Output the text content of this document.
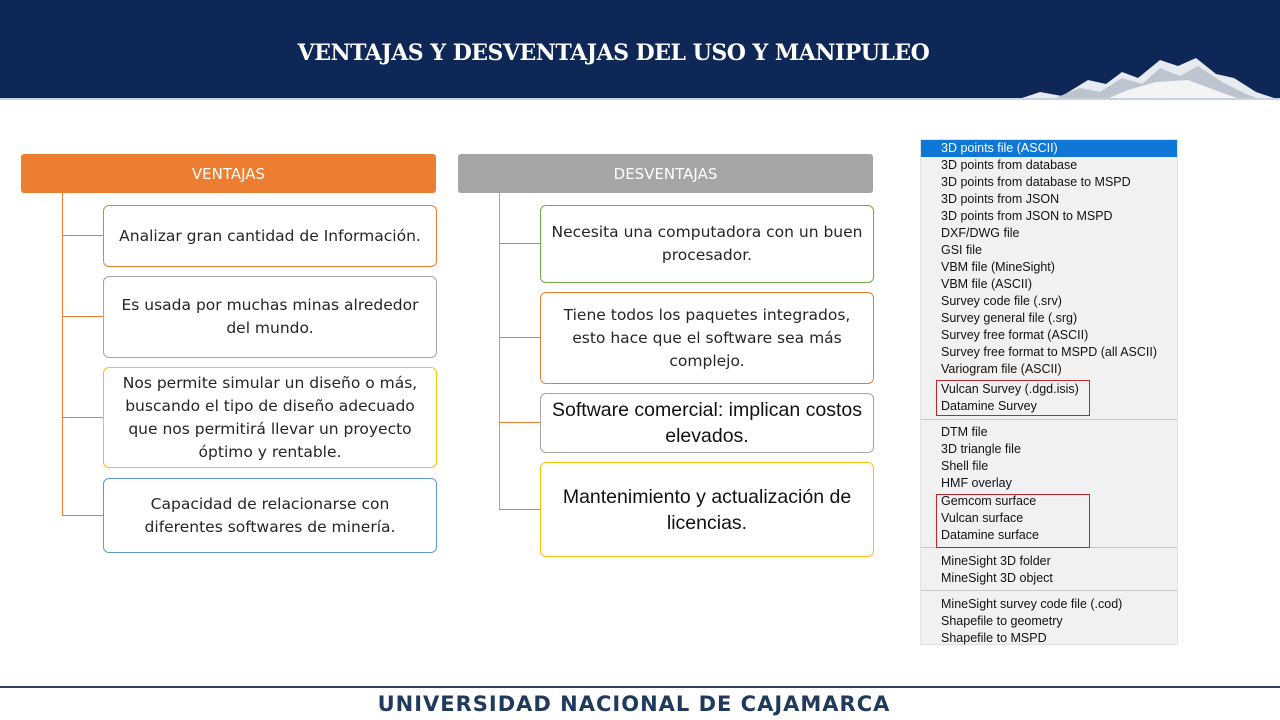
VENTAJAS Y DESVENTAJAS DEL USO Y MANIPULEO
VENTAJAS
Analizar gran cantidad de Información.
Es usada por muchas minas alrededor del mundo.
Nos permite simular un diseño o más, buscando el tipo de diseño adecuado que nos permitirá llevar un proyecto óptimo y rentable.
Capacidad de relacionarse con diferentes softwares de minería.
DESVENTAJAS
Necesita una computadora con un buen procesador.
Tiene todos los paquetes integrados, esto hace que el software sea más complejo.
Software comercial: implican costos elevados.
Mantenimiento y actualización de licencias.
3D points file (ASCII)
3D points from database
3D points from database to MSPD
3D points from JSON
3D points from JSON to MSPD
DXF/DWG file
GSI file
VBM file (MineSight)
VBM file (ASCII)
Survey code file (.srv)
Survey general file (.srg)
Survey free format (ASCII)
Survey free format to MSPD (all ASCII)
Variogram file (ASCII)
Vulcan Survey (.dgd.isis)
Datamine Survey
DTM file
3D triangle file
Shell file
HMF overlay
Gemcom surface
Vulcan surface
Datamine surface
MineSight 3D folder
MineSight 3D object
MineSight survey code file (.cod)
Shapefile to geometry
Shapefile to MSPD
UNIVERSIDAD NACIONAL DE CAJAMARCA
